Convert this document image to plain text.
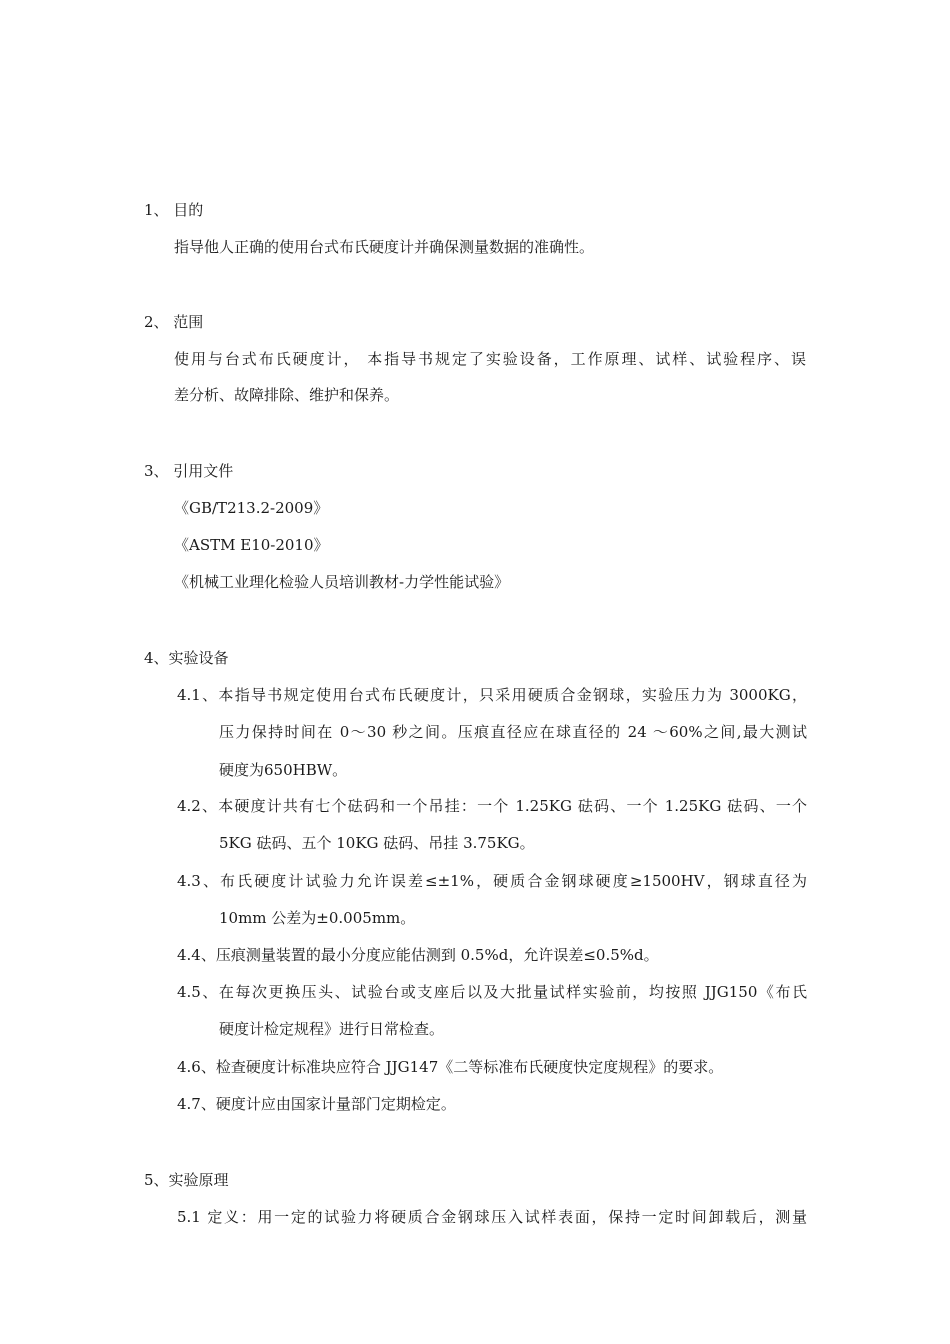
1、 目的
指导他人正确的使用台式布氏硬度计并确保测量数据的准确性。
2、 范围
使用与台式布氏硬度计， 本指导书规定了实验设备，工作原理、试样、试验程序、误
差分析、故障排除、维护和保养。
3、 引用文件
《GB/T213.2-2009》
《ASTM E10-2010》
《机械工业理化检验人员培训教材-力学性能试验》
4、实验设备
4.1、本指导书规定使用台式布氏硬度计，只采用硬质合金钢球，实验压力为 3000KG，
压力保持时间在 0～30 秒之间。压痕直径应在球直径的 24 ～60%之间,最大测试
硬度为650HBW。
4.2、本硬度计共有七个砝码和一个吊挂：一个 1.25KG 砝码、一个 1.25KG 砝码、一个
5KG 砝码、五个 10KG 砝码、吊挂 3.75KG。
4.3、布氏硬度计试验力允许误差≤±1%，硬质合金钢球硬度≥1500HV，钢球直径为
10mm 公差为±0.005mm。
4.4、压痕测量装置的最小分度应能估测到 0.5%d，允许误差≤0.5%d。
4.5、在每次更换压头、试验台或支座后以及大批量试样实验前，均按照 JJG150《布氏
硬度计检定规程》进行日常检查。
4.6、检查硬度计标准块应符合 JJG147《二等标准布氏硬度快定度规程》的要求。
4.7、硬度计应由国家计量部门定期检定。
5、实验原理
5.1 定义：用一定的试验力将硬质合金钢球压入试样表面，保持一定时间卸载后，测量
